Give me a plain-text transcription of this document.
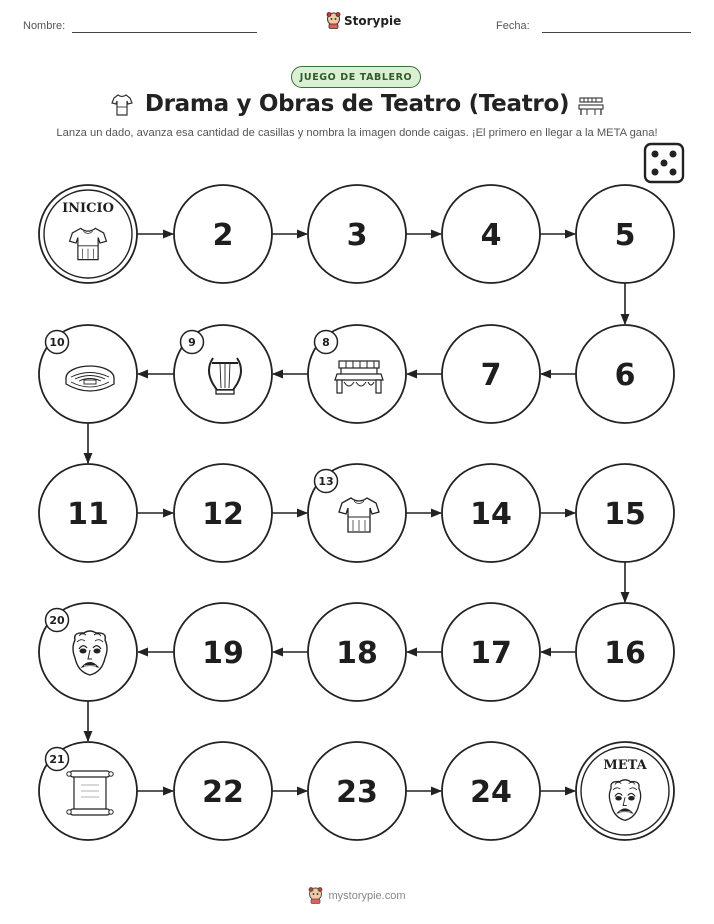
Nombre:	Storypie	Fecha:
JUEGO DE TABLERO
Drama y Obras de Teatro (Teatro)
Lanza un dado, avanza esa cantidad de casillas y nombra la imagen donde caigas. ¡El primero en llegar a la META gana!
INICIO
2	3	4	5
6
7
8
9
10
11	12
13
14	15
16
17
18
19
20
21
22	23	24
META
mystorypie.com
